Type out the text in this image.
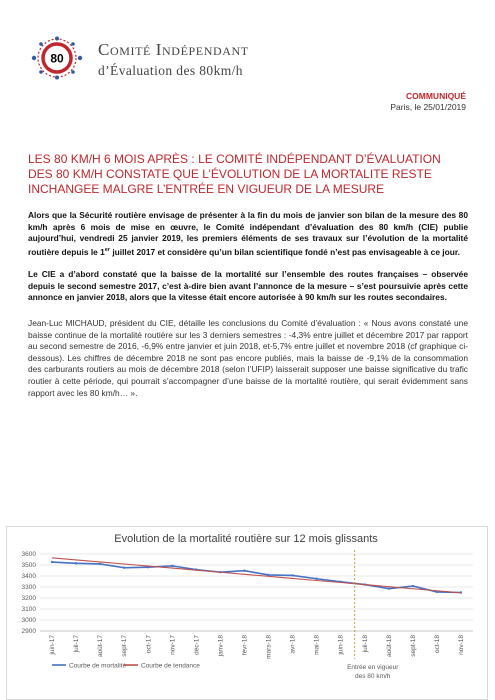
80 Comité Indépendant
d’Évaluation des 80km/h
COMMUNIQUÉ
Paris, le 25/01/2019
LES 80 KM/H 6 MOIS APRÈS : LE COMITÉ INDÉPENDANT D’ÉVALUATION DES 80 KM/H CONSTATE QUE L’ÉVOLUTION DE LA MORTALITE RESTE INCHANGEE MALGRE L’ENTRÉE EN VIGUEUR DE LA MESURE

Alors que la Sécurité routière envisage de présenter à la fin du mois de janvier son bilan de la mesure des 80 km/h après 6 mois de mise en œuvre, le Comité indépendant d’évaluation des 80 km/h (CIE) publie aujourd’hui, vendredi 25 janvier 2019, les premiers éléments de ses travaux sur l’évolution de la mortalité routière depuis le 1er juillet 2017 et considère qu’un bilan scientifique fondé n’est pas envisageable à ce jour.

Le CIE a d’abord constaté que la baisse de la mortalité sur l’ensemble des routes françaises – observée depuis le second semestre 2017, c’est à-dire bien avant l’annonce de la mesure – s’est poursuivie après cette annonce en janvier 2018, alors que la vitesse était encore autorisée à 90 km/h sur les routes secondaires.

Jean-Luc MICHAUD, président du CIE, détaille les conclusions du Comité d’évaluation : « Nous avons constaté une baisse continue de la mortalité routière sur les 3 derniers semestres : -4,3% entre juillet et décembre 2017 par rapport au second semestre de 2016, -6,9% entre janvier et juin 2018, et-5,7% entre juillet et novembre 2018 (cf graphique ci-dessous). Les chiffres de décembre 2018 ne sont pas encore publiés, mais la baisse de -9,1% de la consommation des carburants routiers au mois de décembre 2018 (selon l’UFIP) laisserait supposer une baisse significative du trafic routier à cette période, qui pourrait s’accompagner d’une baisse de la mortalité routière, qui serait évidemment sans rapport avec les 80 km/h… ».

Evolution de la mortalité routière sur 12 mois glissants
2900
3000
3100
3200
3300
3400
3500
3600
juin-17	juil-17	août-17	sept-17	oct-17	nov-17	déc-17	janv-18	févr-18	mars-18	avr-18	mai-18	juin-18	juil-18	août-18	sept-18	oct-18	nov-18
Entrée en vigueur
des 80 km/h
Courbe de mortalité Courbe de tendance
